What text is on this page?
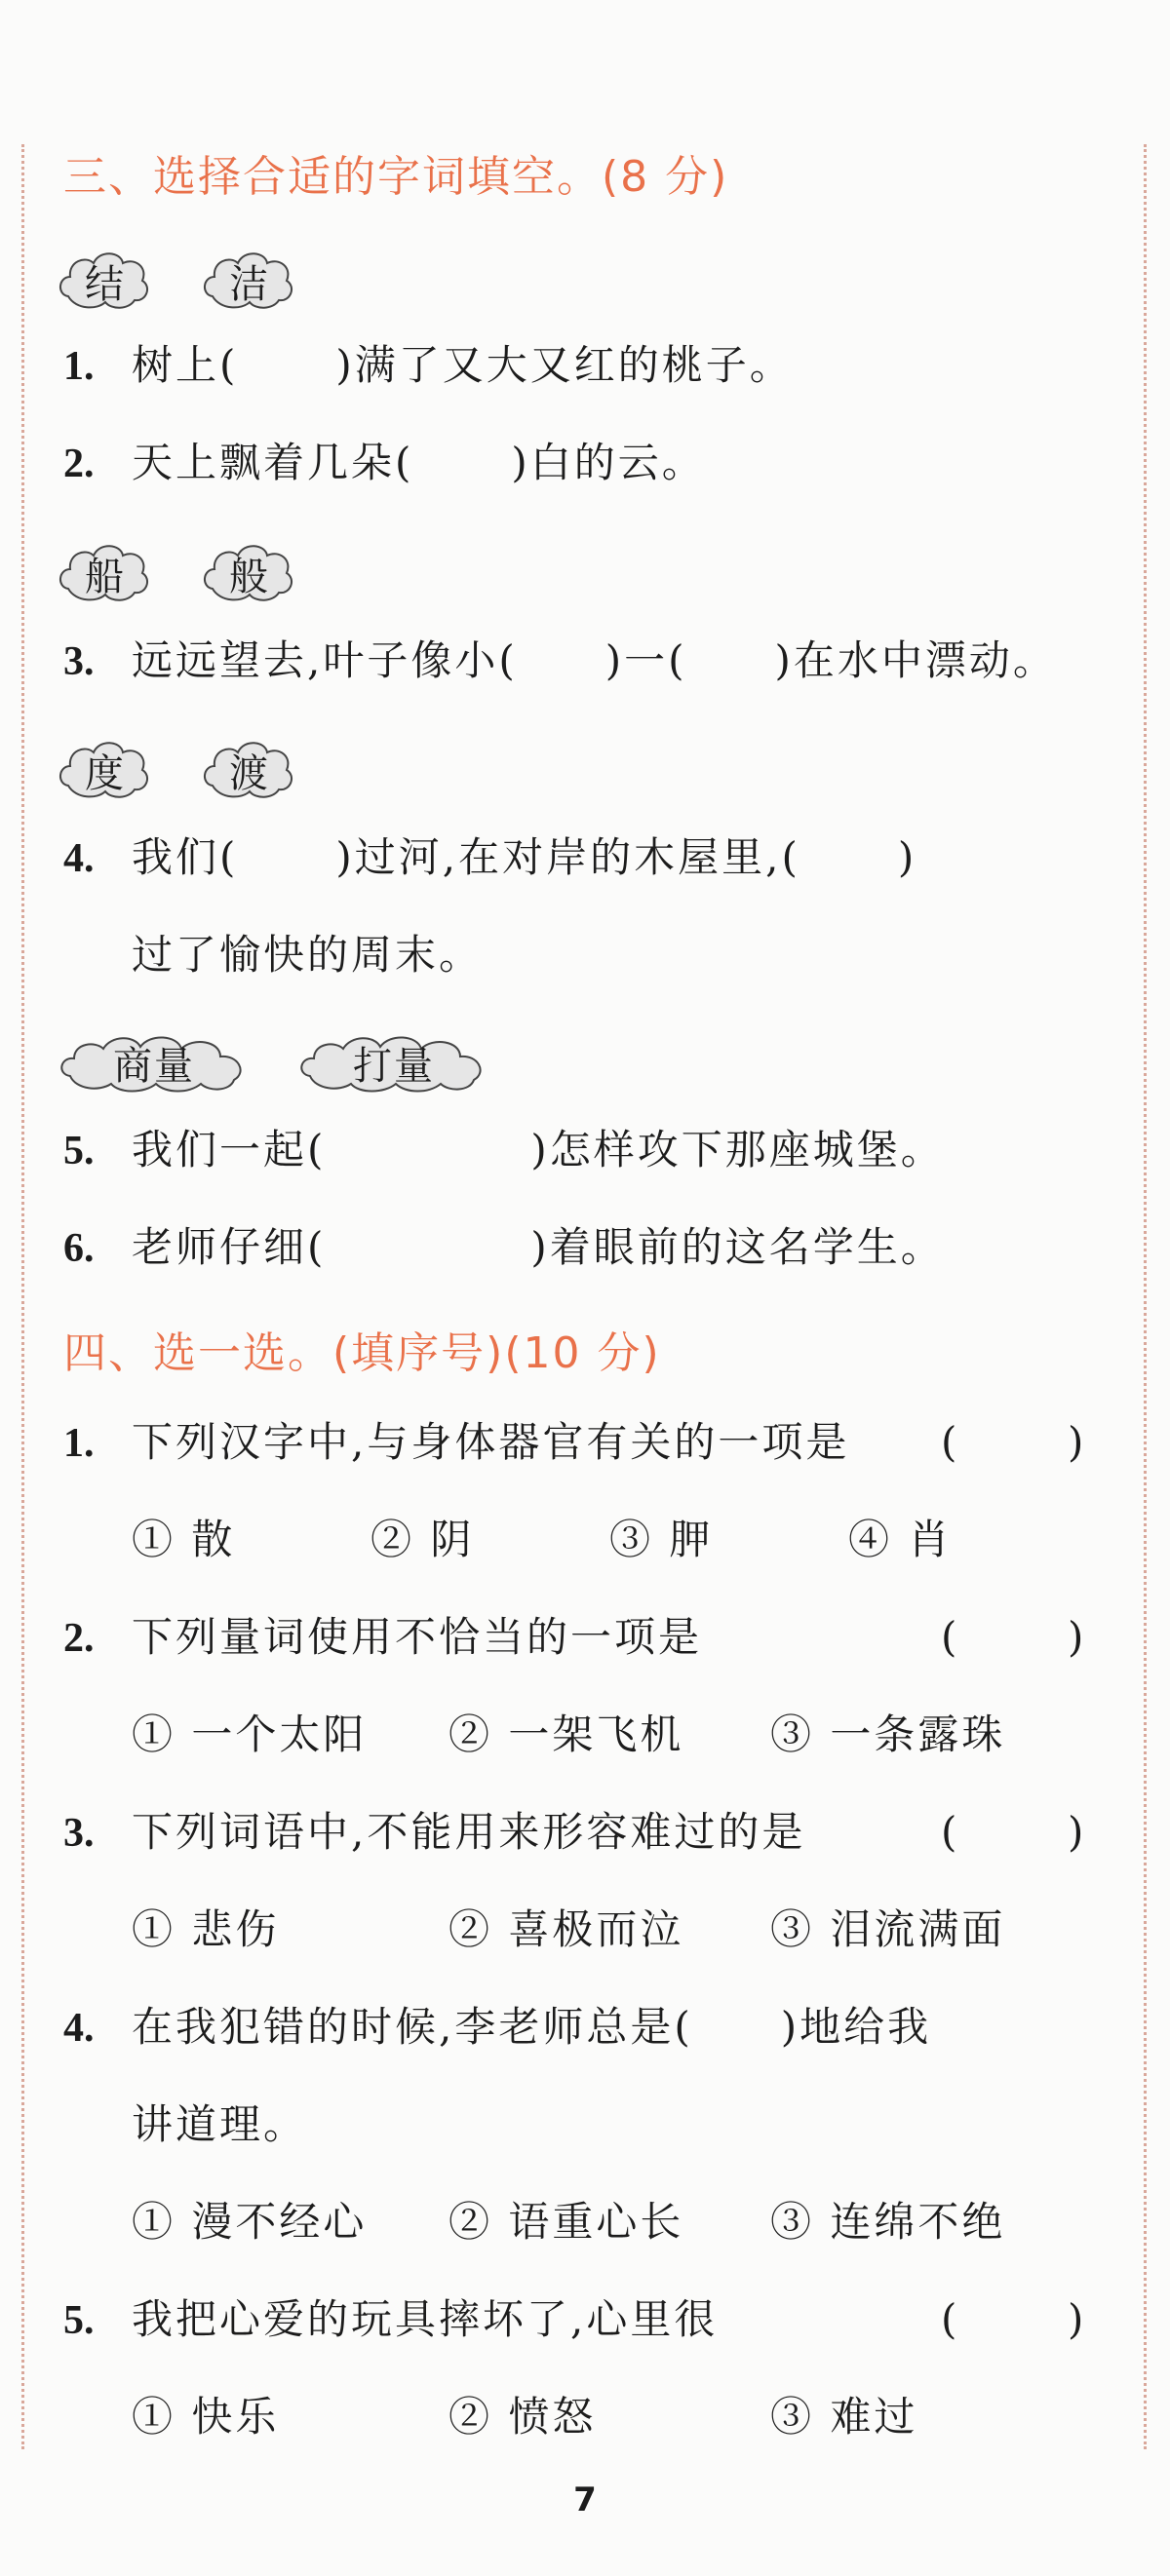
三、选择合适的字词填空。(8 分)
结	洁
1. 树上( )满了又大又红的桃子。
2. 天上飘着几朵( )白的云。
船	般
3. 远远望去,叶子像小( )一( )在水中漂动。
度	渡
4. 我们( )过河,在对岸的木屋里,( )
过了愉快的周末。
商量	打量
5. 我们一起(	)怎样攻下那座城堡。
6. 老师仔细(	)着眼前的这名学生。
四、选一选。(填序号)(10 分)
1. 下列汉字中,与身体器官有关的一项是 (	)
① 散	② 阴	③ 胛	④ 肖
2. 下列量词使用不恰当的一项是	(	)
① 一个太阳 ② 一架飞机 ③ 一条露珠
3. 下列词语中,不能用来形容难过的是	(	)
① 悲伤	② 喜极而泣 ③ 泪流满面
4. 在我犯错的时候,李老师总是( )地给我
讲道理。
① 漫不经心 ② 语重心长 ③ 连绵不绝
5. 我把心爱的玩具摔坏了,心里很	(	)
① 快乐	② 愤怒	③ 难过
7
